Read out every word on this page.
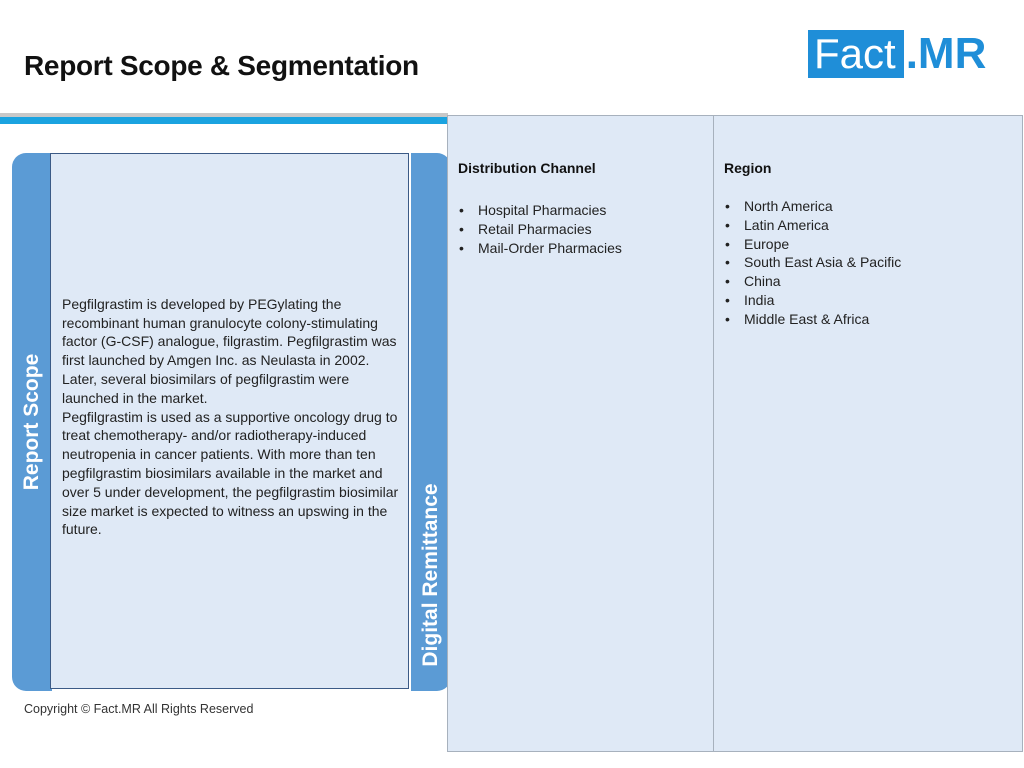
Report Scope & Segmentation	Fact .MR
Report Scope

Pegfilgrastim is developed by PEGylating the recombinant human granulocyte colony-stimulating factor (G-CSF) analogue, filgrastim. Pegfilgrastim was first launched by Amgen Inc. as Neulasta in 2002. Later, several biosimilars of pegfilgrastim were launched in the market.

Pegfilgrastim is used as a supportive oncology drug to treat chemotherapy- and/or radiotherapy-induced neutropenia in cancer patients. With more than ten pegfilgrastim biosimilars available in the market and over 5 under development, the pegfilgrastim biosimilar size market is expected to witness an upswing in the future.	Digital Remittance
Distribution Channel
• Hospital Pharmacies
• Retail Pharmacies
• Mail-Order Pharmacies
Region
• North America
• Latin America
• Europe
• South East Asia & Pacific
• China
• India
• Middle East & Africa
Copyright © Fact.MR All Rights Reserved
